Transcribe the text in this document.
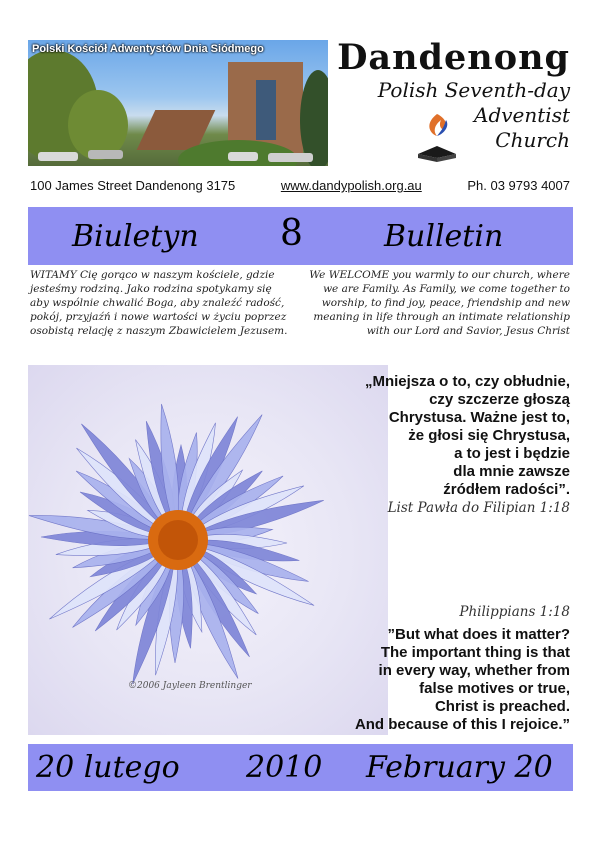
Polski Kościół Adwentystów Dnia Siódmego Dandenong
Polish Seventh-day
Adventist
Church
100 James Street Dandenong 3175	www.dandypolish.org.au	Ph. 03 9793 4007
Biuletyn 8	Bulletin
WITAMY Cię gorąco w naszym kościele, gdzie jesteśmy rodziną. Jako rodzina spotykamy się aby wspólnie chwalić Boga, aby znaleźć radość, pokój, przyjaźń i nowe wartości w życiu poprzez osobistą relację z naszym Zbawicielem Jezusem.
We WELCOME you warmly to our church, where we are Family. As Family, we come together to worship, to find joy, peace, friendship and new meaning in life through an intimate relationship with our Lord and Savior, Jesus Christ
©2006 Jayleen Brentlinger
„Mniejsza o to, czy obłudnie,
czy szczerze głoszą
Chrystusa. Ważne jest to,
że głosi się Chrystusa,
a to jest i będzie
dla mnie zawsze
źródłem radości”.
List Pawła do Filipian 1:18
Philippians 1:18
”But what does it matter?
The important thing is that
in every way, whether from
false motives or true,
Christ is preached.
And because of this I rejoice.”
20 lutego 2010 February 20
